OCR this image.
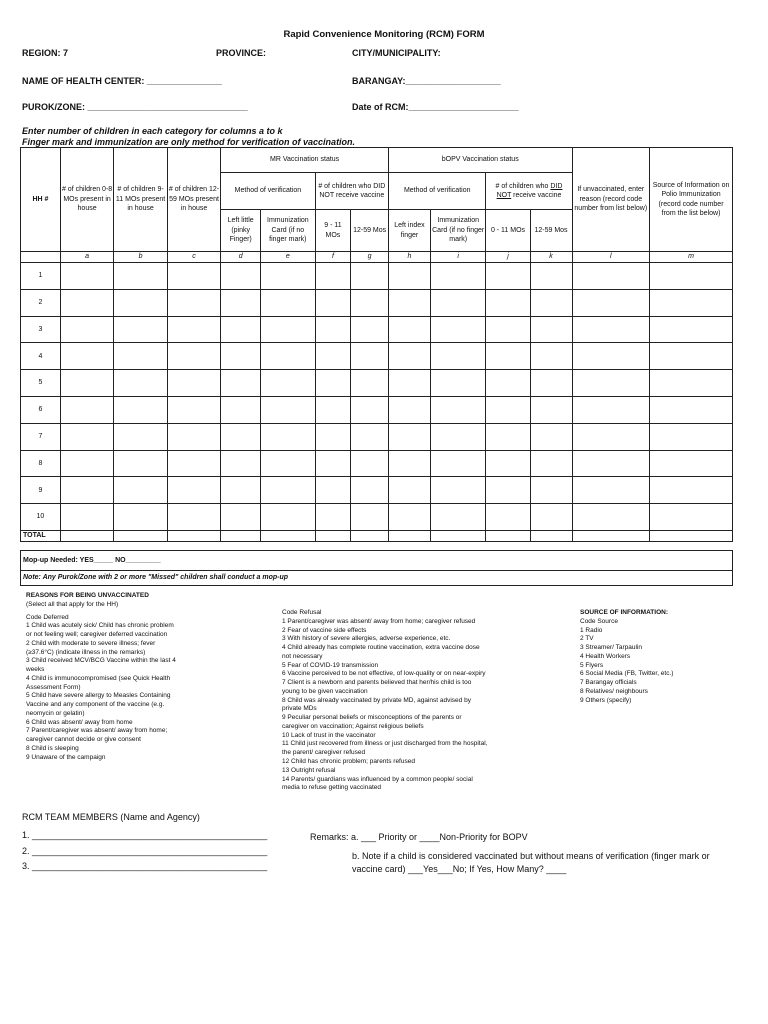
Rapid Convenience Monitoring (RCM) FORM
REGION: 7	PROVINCE:	CITY/MUNICIPALITY:
NAME OF HEALTH CENTER: _______________	BARANGAY:___________________
PUROK/ZONE: ________________________________	Date of RCM:______________________
Enter number of children in each category for columns a to k
Finger mark and immunization are only method for verification of vaccination.
HH #	# of children 0-8 MOs present in house	# of children 9-11 MOs present in house	# of children 12-59 MOs present in house	MR Vaccination status				bOPV Vaccination status				If unvaccinated, enter reason (record code number from list below)	Source of Information on Polio Immunization (record code number from the list below)
				Method of verification		# of children who DID NOT receive vaccine		Method of verification		# of children who DID NOT receive vaccine			
				Left little (pinky Finger)	Immunization Card (if no finger mark)	9 - 11 MOs	12-59 Mos	Left index finger	Immunization Card (if no finger mark)	0 - 11 MOs	12-59 Mos		
	a	b	c	d	e	f	g	h	i	j	k	l	m
1													
2													
3													
4													
5													
6													
7													
8													
9													
10													
TOTAL													
Mop-up Needed: YES_____ NO_________
Note: Any Purok/Zone with 2 or more "Missed" children shall conduct a mop-up

REASONS FOR BEING UNVACCINATED

(Select all that apply for the HH)

Code Deferred

1 Child was acutely sick/ Child has chronic problem

or not feeling well; caregiver deferred vaccination

2 Child with moderate to severe illness; fever

(≥37.6°C) (indicate illness in the remarks)

3 Child received MCV/BCG Vaccine within the last 4

weeks

4 Child is immunocompromised (see Quick Health

Assessment Form)

5 Child have severe allergy to Measles Containing

Vaccine and any component of the vaccine (e.g.

neomycin or gelatin)

6 Child was absent/ away from home

7 Parent/caregiver was absent/ away from home;

caregiver cannot decide or give consent

8 Child is sleeping

9 Unaware of the campaign

Code Refusal

1 Parent/caregiver was absent/ away from home; caregiver refused

2 Fear of vaccine side effects

3 With history of severe allergies, adverse experience, etc.

4 Child already has complete routine vaccination, extra vaccine dose

not necessary

5 Fear of COVID-19 transmission

6 Vaccine perceived to be not effective, of low-quality or on near-expiry

7 Client is a newborn and parents believed that her/his child is too

young to be given vaccination

8 Child was already vaccinated by private MD, against advised by

private MDs

9 Peculiar personal beliefs or misconceptions of the parents or

caregiver on vaccination; Against religious beliefs

10 Lack of trust in the vaccinator

11 Child just recovered from illness or just discharged from the hospital,

the parent/ caregiver refused

12 Child has chronic problem; parents refused

13 Outright refusal

14 Parents/ guardians was influenced by a common people/ social

media to refuse getting vaccinated

SOURCE OF INFORMATION:

Code Source

1 Radio

2 TV

3 Streamer/ Tarpaulin

4 Health Workers

5 Flyers

6 Social Media (FB, Twitter, etc.)

7 Barangay officials

8 Relatives/ neighbours

9 Others (specify)

RCM TEAM MEMBERS (Name and Agency)
1. _______________________________________________
2. _______________________________________________
3. _______________________________________________
Remarks: a. ___ Priority or ____Non-Priority for BOPV
b. Note if a child is considered vaccinated but without means of verification (finger mark or vaccine card) ___Yes___No; If Yes, How Many? ____
